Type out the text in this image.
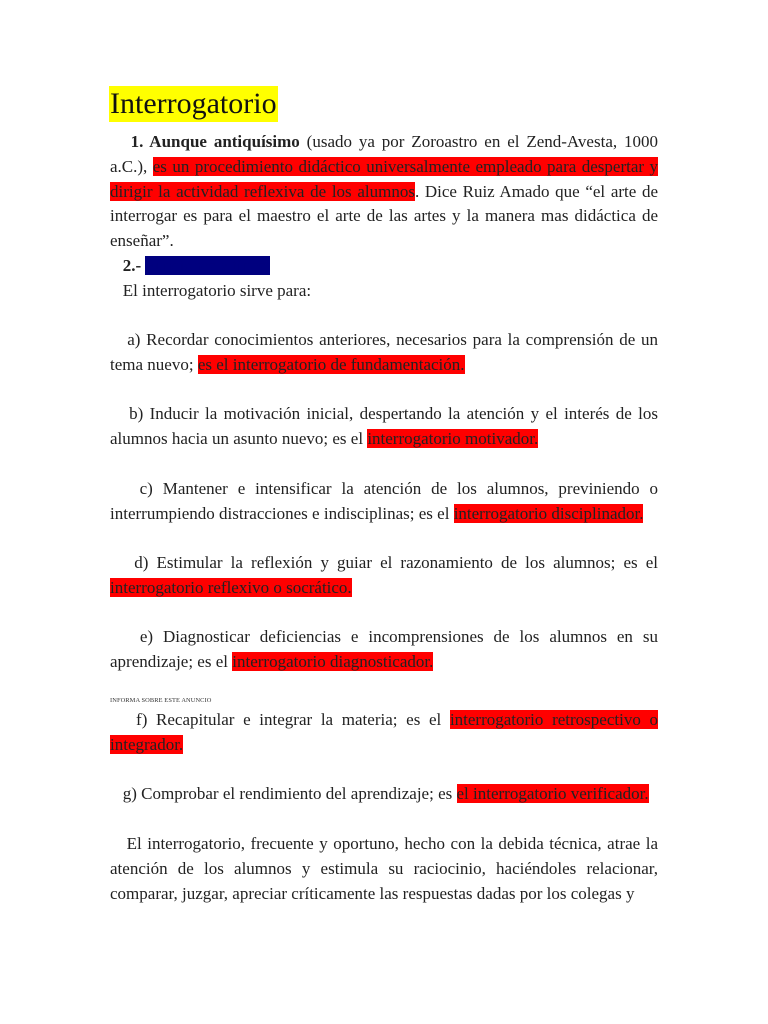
Interrogatorio

1. Aunque antiquísimo (usado ya por Zoroastro en el Zend-Avesta, 1000 a.C.), es un procedimiento didáctico universalmente empleado para despertar y dirigir la actividad reflexiva de los alumnos. Dice Ruiz Amado que “el arte de interrogar es para el maestro el arte de las artes y la manera mas didáctica de enseñar”.

2.- Funciones y tipos.

El interrogatorio sirve para:

a) Recordar conocimientos anteriores, necesarios para la comprensión de un tema nuevo; es el interrogatorio de fundamentación.

b) Inducir la motivación inicial, despertando la atención y el interés de los alumnos hacia un asunto nuevo; es el interrogatorio motivador.

c) Mantener e intensificar la atención de los alumnos, previniendo o interrumpiendo distracciones e indisciplinas; es el interrogatorio disciplinador.

d) Estimular la reflexión y guiar el razonamiento de los alumnos; es el interrogatorio reflexivo o socrático.

e) Diagnosticar deficiencias e incomprensiones de los alumnos en su aprendizaje; es el interrogatorio diagnosticador.

INFORMA SOBRE ESTE ANUNCIO

f) Recapitular e integrar la materia; es el interrogatorio retrospectivo o integrador.

g) Comprobar el rendimiento del aprendizaje; es el interrogatorio verificador.

El interrogatorio, frecuente y oportuno, hecho con la debida técnica, atrae la atención de los alumnos y estimula su raciocinio, haciéndoles relacionar, comparar, juzgar, apreciar críticamente las respuestas dadas por los colegas y
